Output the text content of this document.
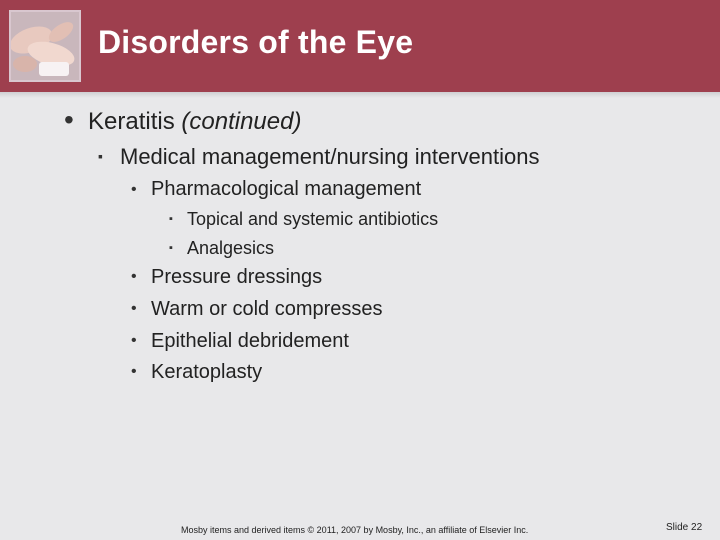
Disorders of the Eye
• Keratitis (continued)
▪ Medical management/nursing interventions
• Pharmacological management
▪ Topical and systemic antibiotics
▪ Analgesics
• Pressure dressings
• Warm or cold compresses
• Epithelial debridement
• Keratoplasty
Mosby items and derived items © 2011, 2007 by Mosby, Inc., an affiliate of Elsevier Inc.	Slide 22
